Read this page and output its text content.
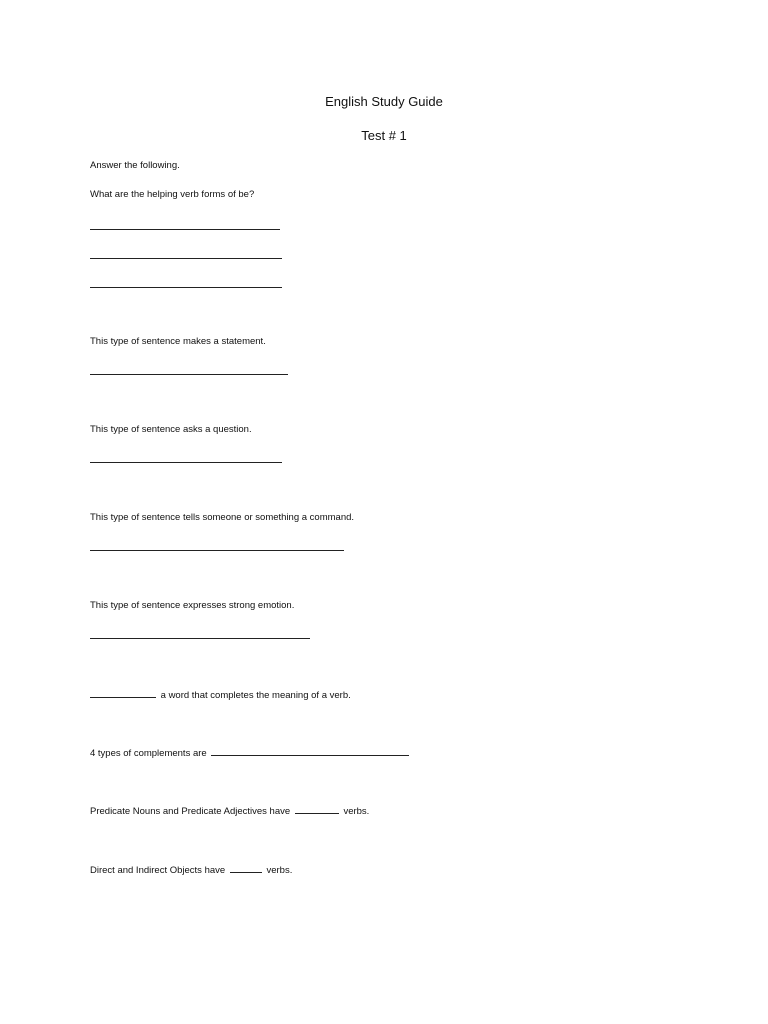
English Study Guide
Test # 1
Answer the following.
What are the helping verb forms of be?
This type of sentence makes a statement.
This type of sentence asks a question.
This type of sentence tells someone or something a command.
This type of sentence expresses strong emotion.
a word that completes the meaning of a verb.
4 types of complements are
Predicate Nouns and Predicate Adjectives have	verbs.
Direct and Indirect Objects have	verbs.
